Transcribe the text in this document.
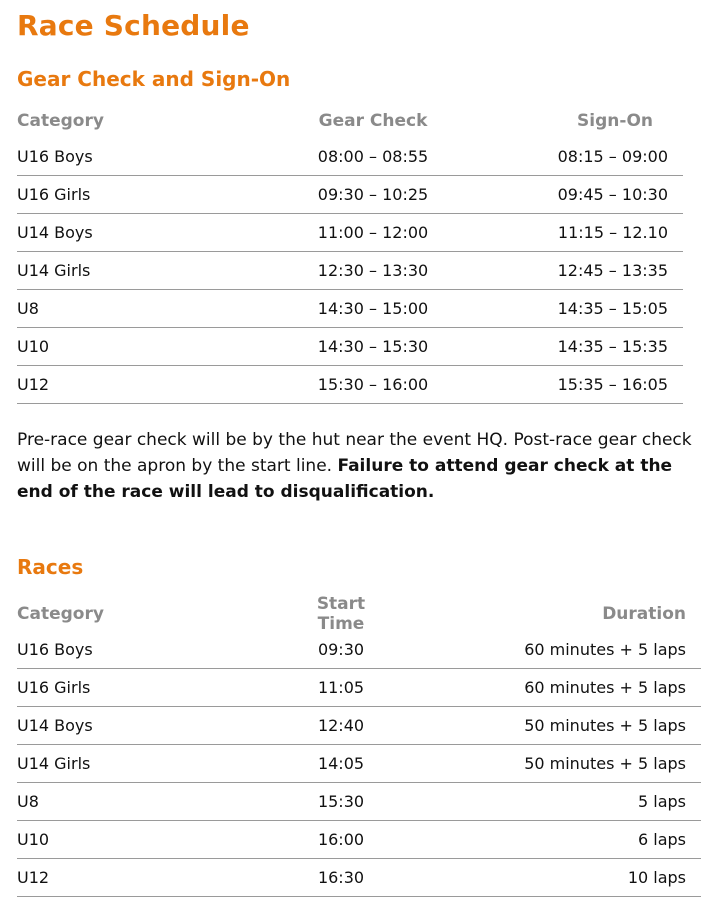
Race Schedule
Gear Check and Sign-On
Category	Gear Check	Sign-On
U16 Boys	08:00 – 08:55	08:15 – 09:00
U16 Girls	09:30 – 10:25	09:45 – 10:30
U14 Boys	11:00 – 12:00	11:15 – 12.10
U14 Girls	12:30 – 13:30	12:45 – 13:35
U8	14:30 – 15:00	14:35 – 15:05
U10	14:30 – 15:30	14:35 – 15:35
U12	15:30 – 16:00	15:35 – 16:05
Pre-race gear check will be by the hut near the event HQ. Post-race gear check will be on the apron by the start line. Failure to attend gear check at the end of the race will lead to disqualification.
Races
Category	Start Time	Duration
U16 Boys	09:30	60 minutes + 5 laps
U16 Girls	11:05	60 minutes + 5 laps
U14 Boys	12:40	50 minutes + 5 laps
U14 Girls	14:05	50 minutes + 5 laps
U8	15:30	5 laps
U10	16:00	6 laps
U12	16:30	10 laps
